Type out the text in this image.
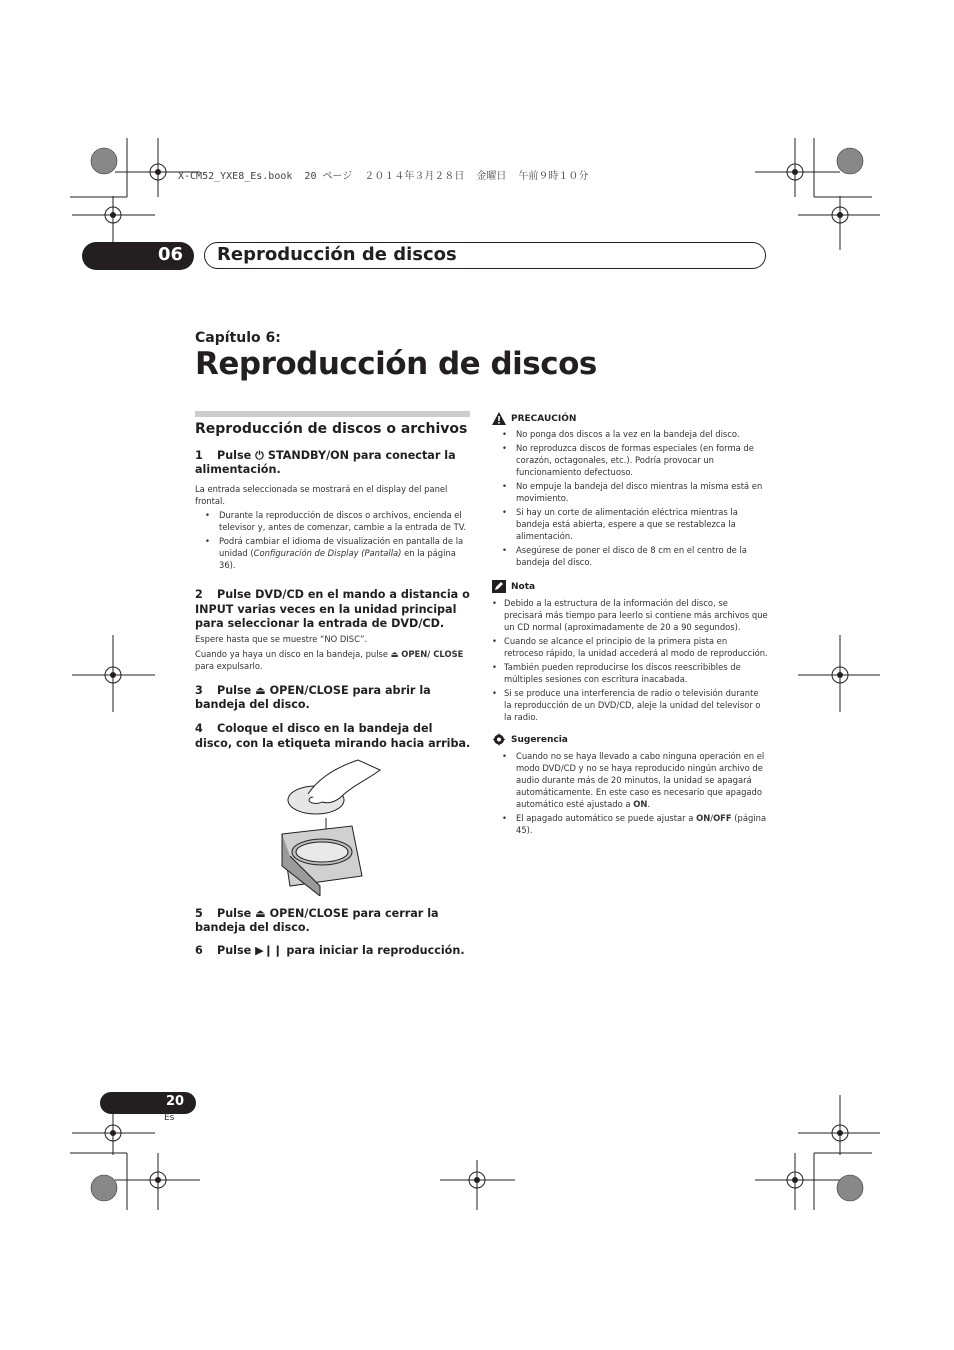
X-CM52_YXE8_Es.book  20 ページ  ２０１４年３月２８日  金曜日  午前９時１０分
06 Reproducción de discos
Capítulo 6:
Reproducción de discos
Reproducción de discos o archivos

1 Pulse ⏻ STANDBY/ON para conectar la alimentación.

La entrada seleccionada se mostrará en el display del panel frontal.

• Durante la reproducción de discos o archivos, encienda el televisor y, antes de comenzar, cambie a la entrada de TV.
• Podrá cambiar el idioma de visualización en pantalla de la unidad (Configuración de Display (Pantalla) en la página 36).

2 Pulse DVD/CD en el mando a distancia o INPUT varias veces en la unidad principal para seleccionar la entrada de DVD/CD.

Espere hasta que se muestre “NO DISC”.

Cuando ya haya un disco en la bandeja, pulse ⏏ OPEN/ CLOSE para expulsarlo.

3 Pulse ⏏ OPEN/CLOSE para abrir la bandeja del disco.

4 Coloque el disco en la bandeja del disco, con la etiqueta mirando hacia arriba.

5 Pulse ⏏ OPEN/CLOSE para cerrar la bandeja del disco.

6 Pulse ▶❙❙ para iniciar la reproducción.

PRECAUCIÓN

• No ponga dos discos a la vez en la bandeja del disco.
• No reproduzca discos de formas especiales (en forma de corazón, octagonales, etc.). Podría provocar un funcionamiento defectuoso.
• No empuje la bandeja del disco mientras la misma está en movimiento.
• Si hay un corte de alimentación eléctrica mientras la bandeja está abierta, espere a que se restablezca la alimentación.
• Asegúrese de poner el disco de 8 cm en el centro de la bandeja del disco.

Nota

• Debido a la estructura de la información del disco, se precisará más tiempo para leerlo si contiene más archivos que un CD normal (aproximadamente de 20 a 90 segundos).
• Cuando se alcance el principio de la primera pista en retroceso rápido, la unidad accederá al modo de reproducción.
• También pueden reproducirse los discos reescribibles de múltiples sesiones con escritura inacabada.
• Si se produce una interferencia de radio o televisión durante la reproducción de un DVD/CD, aleje la unidad del televisor o la radio.

Sugerencia

• Cuando no se haya llevado a cabo ninguna operación en el modo DVD/CD y no se haya reproducido ningún archivo de audio durante más de 20 minutos, la unidad se apagará automáticamente. En este caso es necesario que apagado automático esté ajustado a ON.
• El apagado automático se puede ajustar a ON/OFF (página 45).
20
Es
